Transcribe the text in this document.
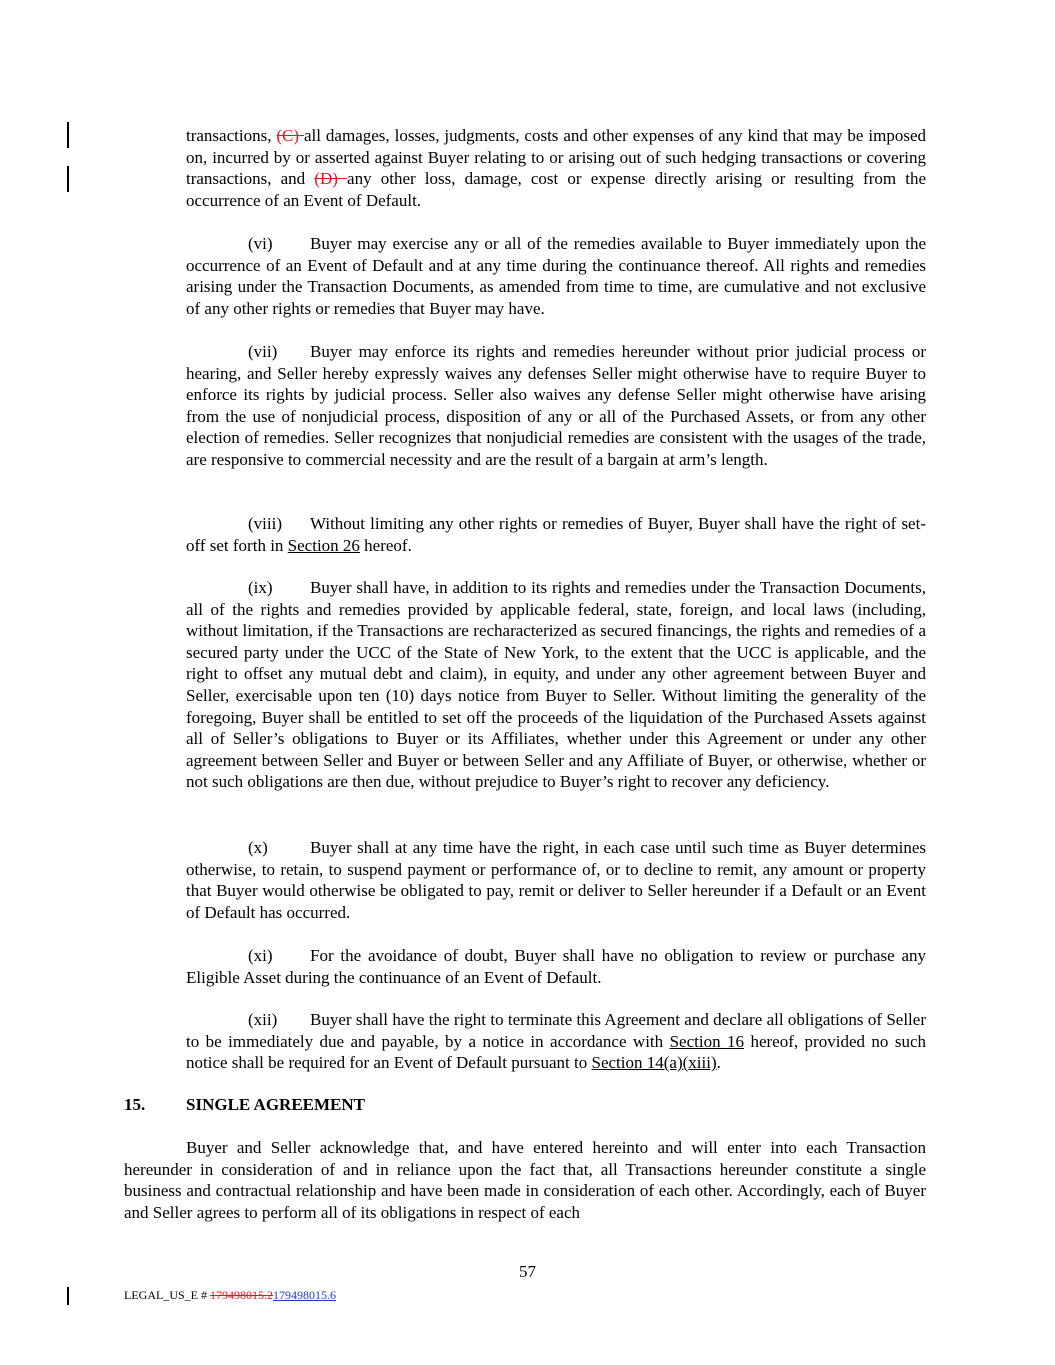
transactions, (C) all damages, losses, judgments, costs and other expenses of any kind that may be imposed on, incurred by or asserted against Buyer relating to or arising out of such hedging transactions or covering transactions, and (D) any other loss, damage, cost or expense directly arising or resulting from the occurrence of an Event of Default.

(vi) Buyer may exercise any or all of the remedies available to Buyer immediately upon the occurrence of an Event of Default and at any time during the continuance thereof. All rights and remedies arising under the Transaction Documents, as amended from time to time, are cumulative and not exclusive of any other rights or remedies that Buyer may have.

(vii) Buyer may enforce its rights and remedies hereunder without prior judicial process or hearing, and Seller hereby expressly waives any defenses Seller might otherwise have to require Buyer to enforce its rights by judicial process. Seller also waives any defense Seller might otherwise have arising from the use of nonjudicial process, disposition of any or all of the Purchased Assets, or from any other election of remedies. Seller recognizes that nonjudicial remedies are consistent with the usages of the trade, are responsive to commercial necessity and are the result of a bargain at arm’s length.

(viii) Without limiting any other rights or remedies of Buyer, Buyer shall have the right of set-off set forth in Section 26 hereof.

(ix) Buyer shall have, in addition to its rights and remedies under the Transaction Documents, all of the rights and remedies provided by applicable federal, state, foreign, and local laws (including, without limitation, if the Transactions are recharacterized as secured financings, the rights and remedies of a secured party under the UCC of the State of New York, to the extent that the UCC is applicable, and the right to offset any mutual debt and claim), in equity, and under any other agreement between Buyer and Seller, exercisable upon ten (10) days notice from Buyer to Seller. Without limiting the generality of the foregoing, Buyer shall be entitled to set off the proceeds of the liquidation of the Purchased Assets against all of Seller’s obligations to Buyer or its Affiliates, whether under this Agreement or under any other agreement between Seller and Buyer or between Seller and any Affiliate of Buyer, or otherwise, whether or not such obligations are then due, without prejudice to Buyer’s right to recover any deficiency.

(x) Buyer shall at any time have the right, in each case until such time as Buyer determines otherwise, to retain, to suspend payment or performance of, or to decline to remit, any amount or property that Buyer would otherwise be obligated to pay, remit or deliver to Seller hereunder if a Default or an Event of Default has occurred.

(xi) For the avoidance of doubt, Buyer shall have no obligation to review or purchase any Eligible Asset during the continuance of an Event of Default.

(xii) Buyer shall have the right to terminate this Agreement and declare all obligations of Seller to be immediately due and payable, by a notice in accordance with Section 16 hereof, provided no such notice shall be required for an Event of Default pursuant to Section 14(a)(xiii).

15. SINGLE AGREEMENT

Buyer and Seller acknowledge that, and have entered hereinto and will enter into each Transaction hereunder in consideration of and in reliance upon the fact that, all Transactions hereunder constitute a single business and contractual relationship and have been made in consideration of each other. Accordingly, each of Buyer and Seller agrees to perform all of its obligations in respect of each

57
LEGAL_US_E # 179498015.2179498015.6
